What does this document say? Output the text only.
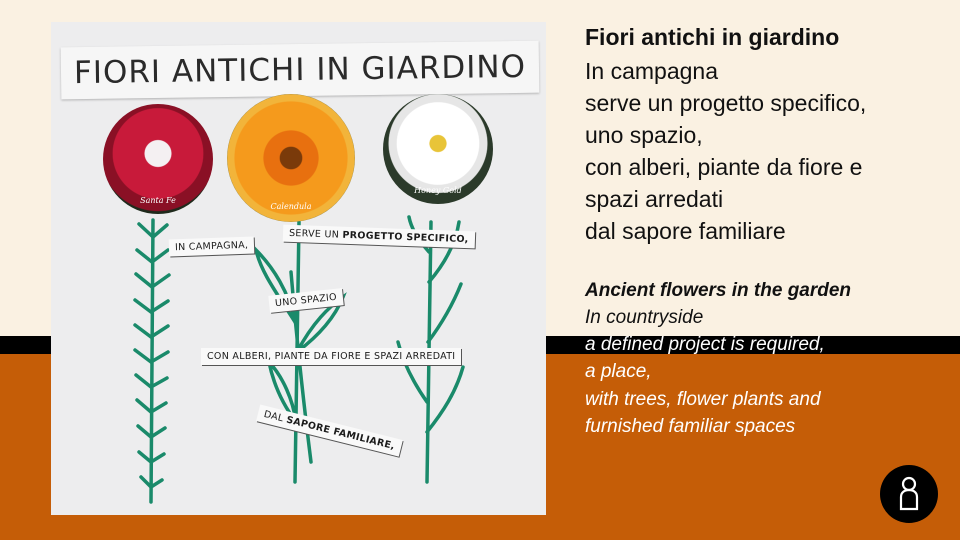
FIORI ANTICHI IN GIARDINO
Santa Fe
Calendula
Honey Gold
IN CAMPAGNA,
SERVE UN PROGETTO SPECIFICO,
UNO SPAZIO
CON ALBERI, PIANTE DA FIORE E SPAZI ARREDATI
DAL SAPORE FAMILIARE,
Fiori antichi in giardino
In campagna
serve un progetto specifico,
uno spazio,
con alberi, piante da fiore e
spazi arredati
dal sapore familiare
Ancient flowers in the garden
In countryside
a defined project is required,
a place,
with trees, flower plants and
furnished familiar spaces
